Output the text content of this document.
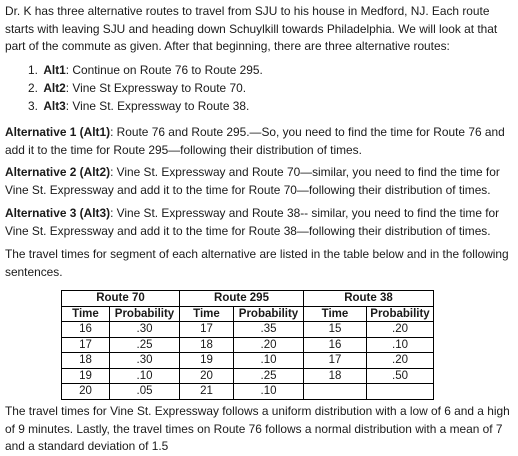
Dr. K has three alternative routes to travel from SJU to his house in Medford, NJ. Each route
starts with leaving SJU and heading down Schuylkill towards Philadelphia. We will look at that
part of the commute as given. After that beginning, there are three alternative routes:

1. Alt1: Continue on Route 76 to Route 295.
2. Alt2: Vine St Expressway to Route 70.
3. Alt3: Vine St. Expressway to Route 38.

Alternative 1 (Alt1): Route 76 and Route 295.—So, you need to find the time for Route 76 and
add it to the time for Route 295—following their distribution of times.

Alternative 2 (Alt2): Vine St. Expressway and Route 70—similar, you need to find the time for
Vine St. Expressway and add it to the time for Route 70—following their distribution of times.

Alternative 3 (Alt3): Vine St. Expressway and Route 38-- similar, you need to find the time for
Vine St. Expressway and add it to the time for Route 38—following their distribution of times.

The travel times for segment of each alternative are listed in the table below and in the following
sentences.

Route 70		Route 295		Route 38	
Time	Probability	Time	Probability	Time	Probability
16	.30	17	.35	15	.20
17	.25	18	.20	16	.10
18	.30	19	.10	17	.20
19	.10	20	.25	18	.50
20	.05	21	.10		

The travel times for Vine St. Expressway follows a uniform distribution with a low of 6 and a high
of 9 minutes. Lastly, the travel times on Route 76 follows a normal distribution with a mean of 7
and a standard deviation of 1.5
